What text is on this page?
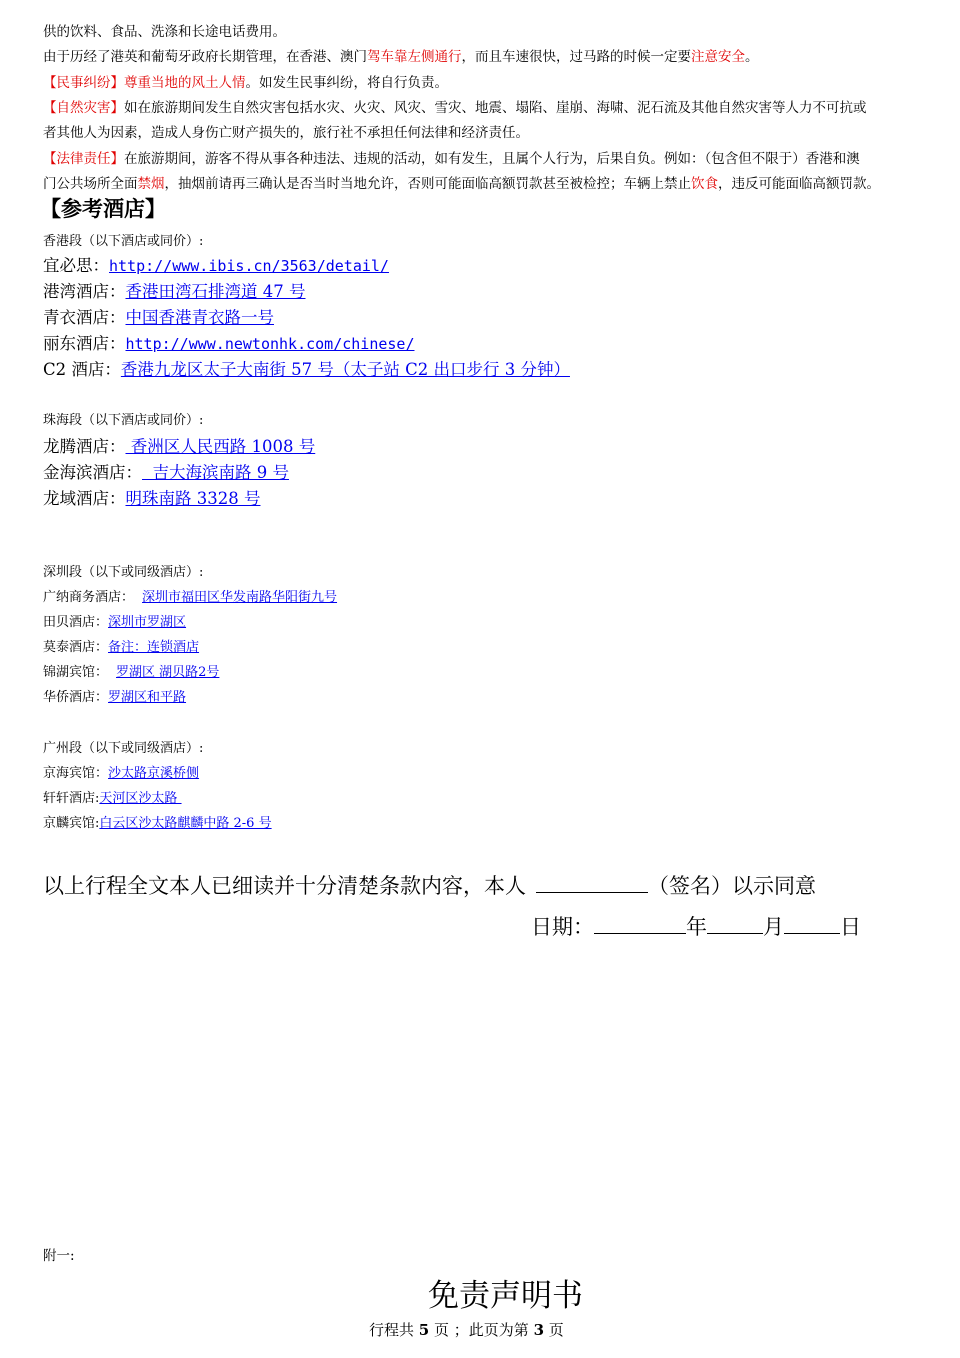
供的饮料、食品、洗涤和长途电话费用。
由于历经了港英和葡萄牙政府长期管理，在香港、澳门驾车靠左侧通行，而且车速很快，过马路的时候一定要注意安全。
【民事纠纷】尊重当地的风土人情。如发生民事纠纷，将自行负责。
【自然灾害】如在旅游期间发生自然灾害包括水灾、火灾、风灾、雪灾、地震、塌陷、崖崩、海啸、泥石流及其他自然灾害等人力不可抗或
者其他人为因素，造成人身伤亡财产损失的，旅行社不承担任何法律和经济责任。
【法律责任】在旅游期间，游客不得从事各种违法、违规的活动，如有发生，且属个人行为，后果自负。例如：（包含但不限于）香港和澳
门公共场所全面禁烟，抽烟前请再三确认是否当时当地允许，否则可能面临高额罚款甚至被检控；车辆上禁止饮食，违反可能面临高额罚款。
【参考酒店】
香港段（以下酒店或同价）:
宜必思：http://www.ibis.cn/3563/detail/
港湾酒店：香港田湾石排湾道 47 号
青衣酒店：中国香港青衣路一号
丽东酒店：http://www.newtonhk.com/chinese/
C2 酒店：香港九龙区太子大南街 57 号（太子站 C2 出口步行 3 分钟）
珠海段（以下酒店或同价）:
龙腾酒店： 香洲区人民西路 1008 号
金海滨酒店：  吉大海滨南路 9 号
龙域酒店：明珠南路 3328 号
深圳段（以下或同级酒店）:
广纳商务酒店： 深圳市福田区华发南路华阳街九号
田贝酒店：深圳市罗湖区
莫泰酒店：备注：连锁酒店
锦湖宾馆： 罗湖区 湖贝路2号
华侨酒店：罗湖区和平路
广州段（以下或同级酒店）:
京海宾馆：沙太路京溪桥侧
轩轩酒店:天河区沙太路
京麟宾馆:白云区沙太路麒麟中路 2-6 号
以上行程全文本人已细读并十分清楚条款内容，本人	（签名）以示同意
日期：	年	月	日
附一:
免责声明书
行程共 5 页 ；此页为第 3 页
